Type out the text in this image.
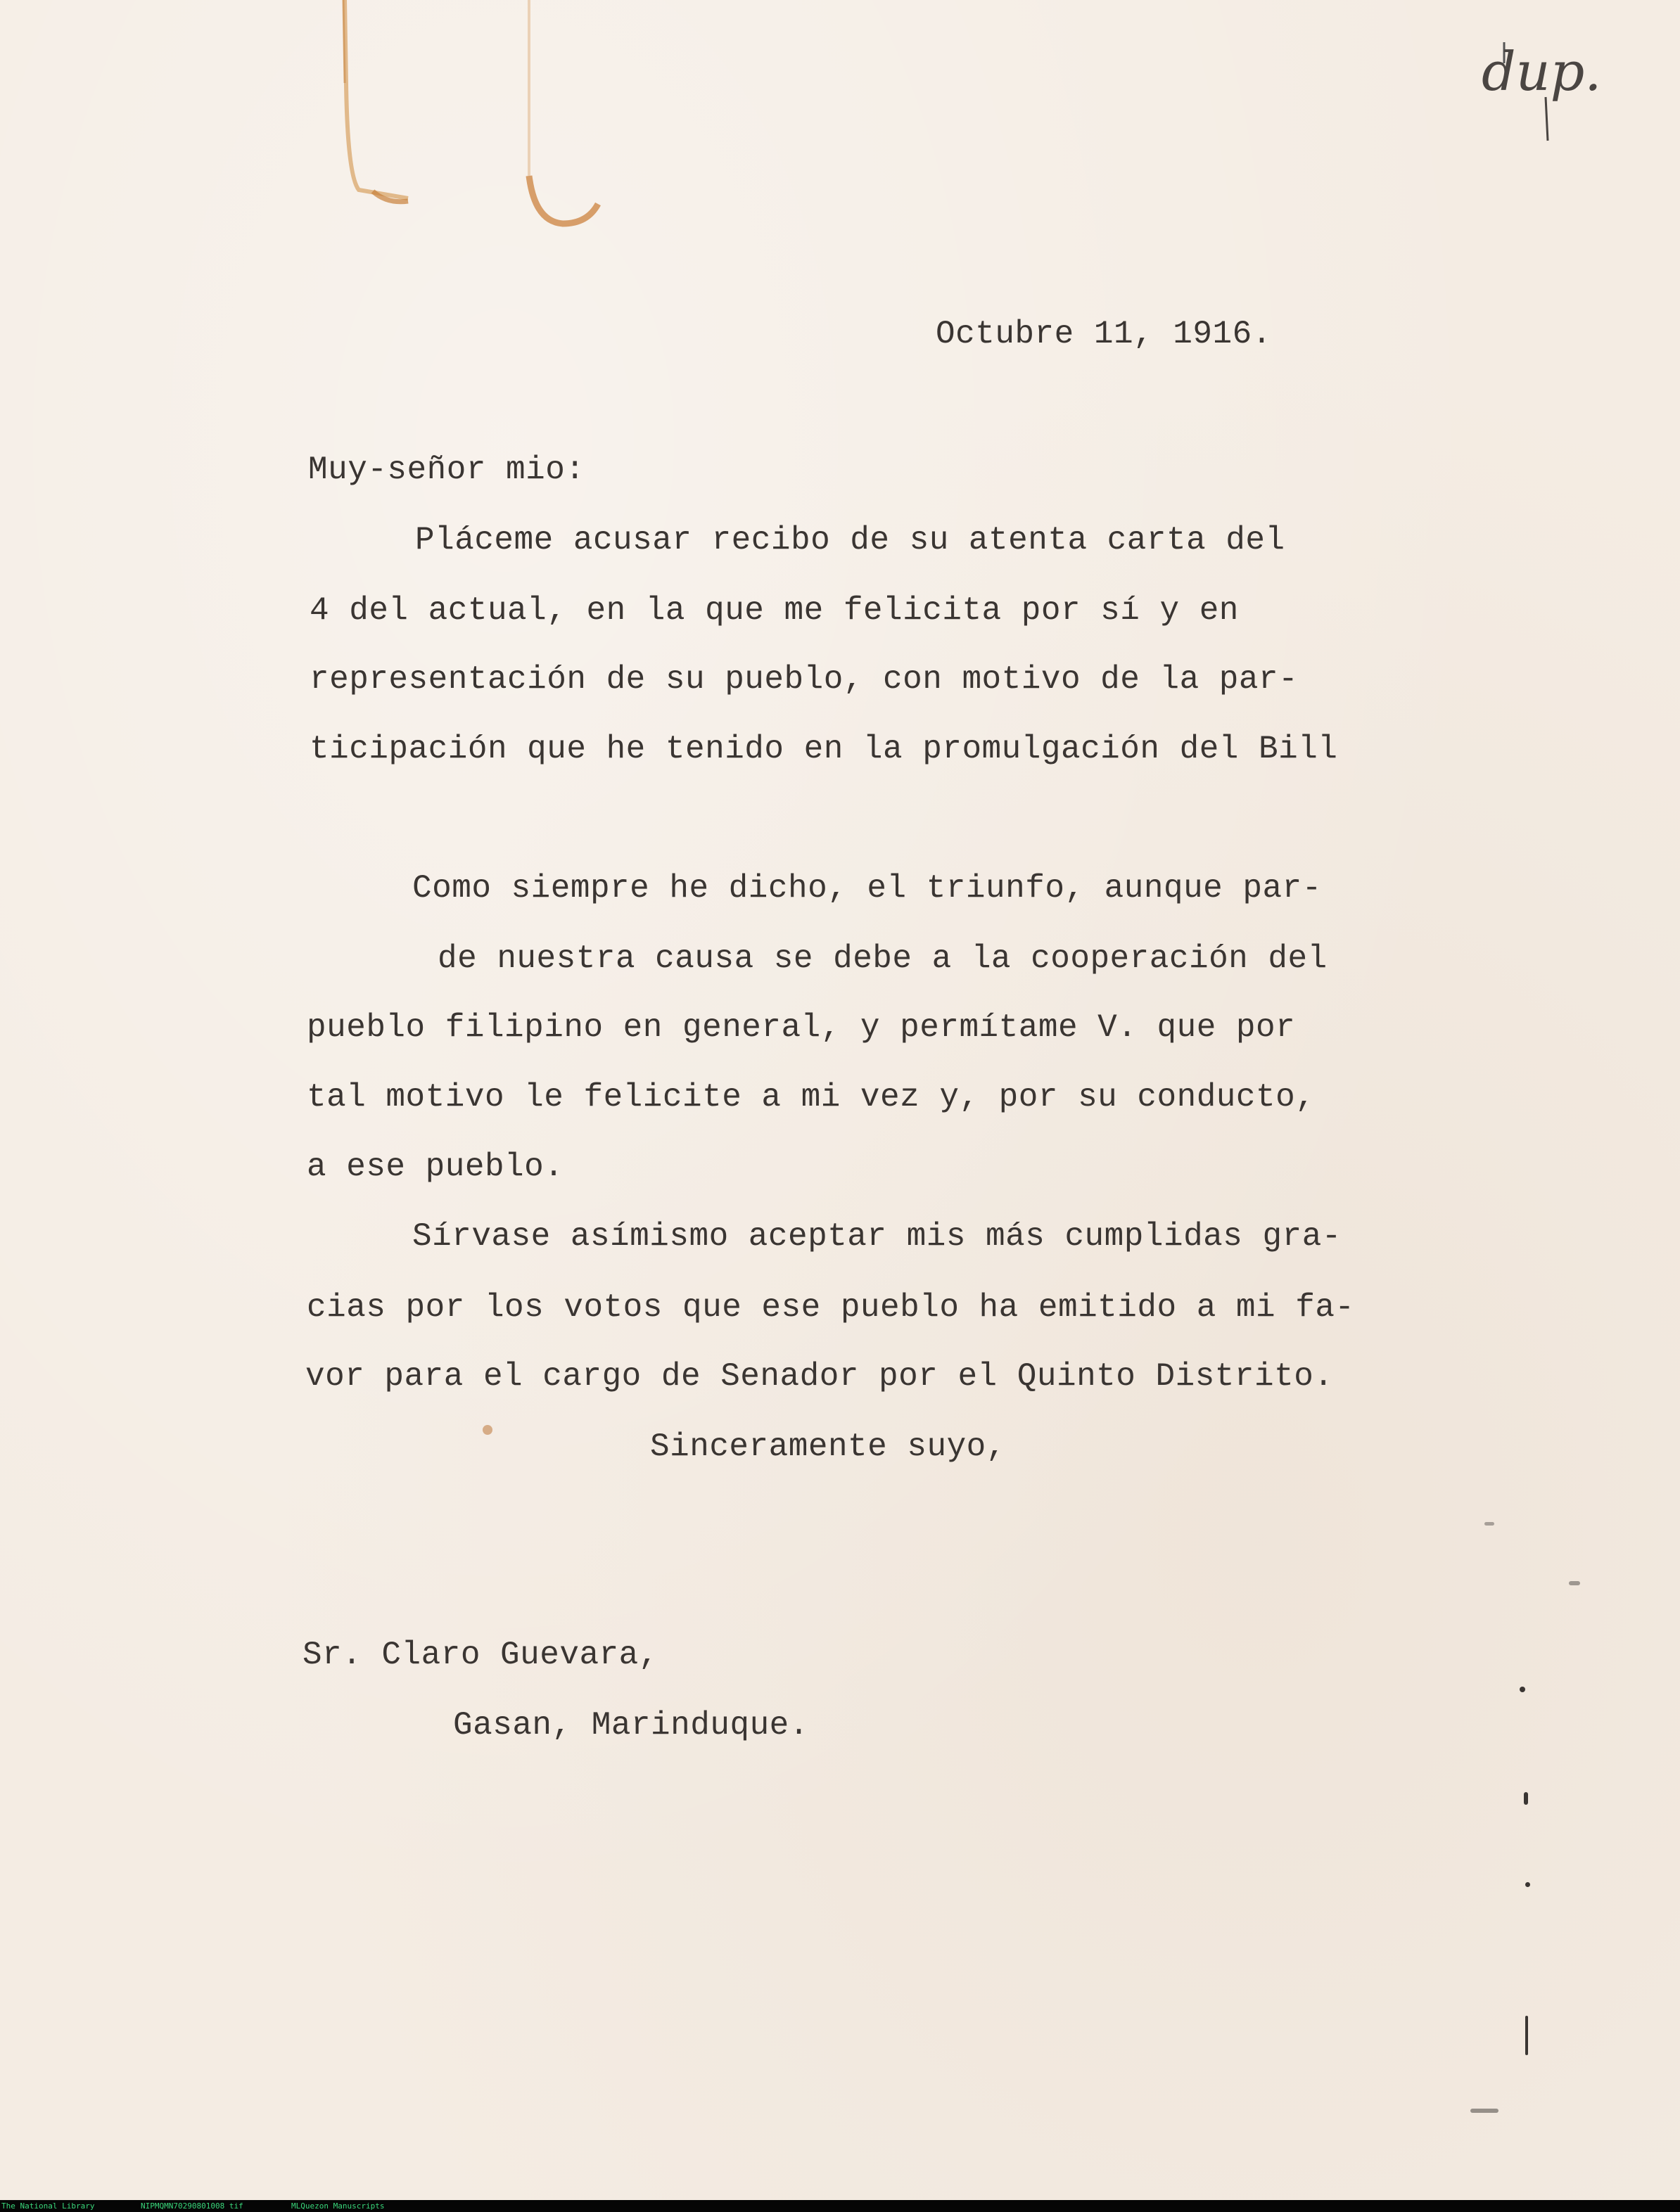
dup.
Octubre 11, 1916.
Muy-señor mio:
Pláceme acusar recibo de su atenta carta del
4 del actual, en la que me felicita por sí y en
representación de su pueblo, con motivo de la par-
ticipación que he tenido en la promulgación del Bill
Como siempre he dicho, el triunfo, aunque par-
de nuestra causa se debe a la cooperación del
pueblo filipino en general, y permítame V. que por
tal motivo le felicite a mi vez y, por su conducto,
a ese pueblo.
Sírvase asímismo aceptar mis más cumplidas gra-
cias por los votos que ese pueblo ha emitido a mi fa-
vor para el cargo de Senador por el Quinto Distrito.
Sinceramente suyo,
Sr. Claro Guevara,
Gasan, Marinduque.
The National Library	NIPMQMN70290801008 tif	MLQuezon Manuscripts
